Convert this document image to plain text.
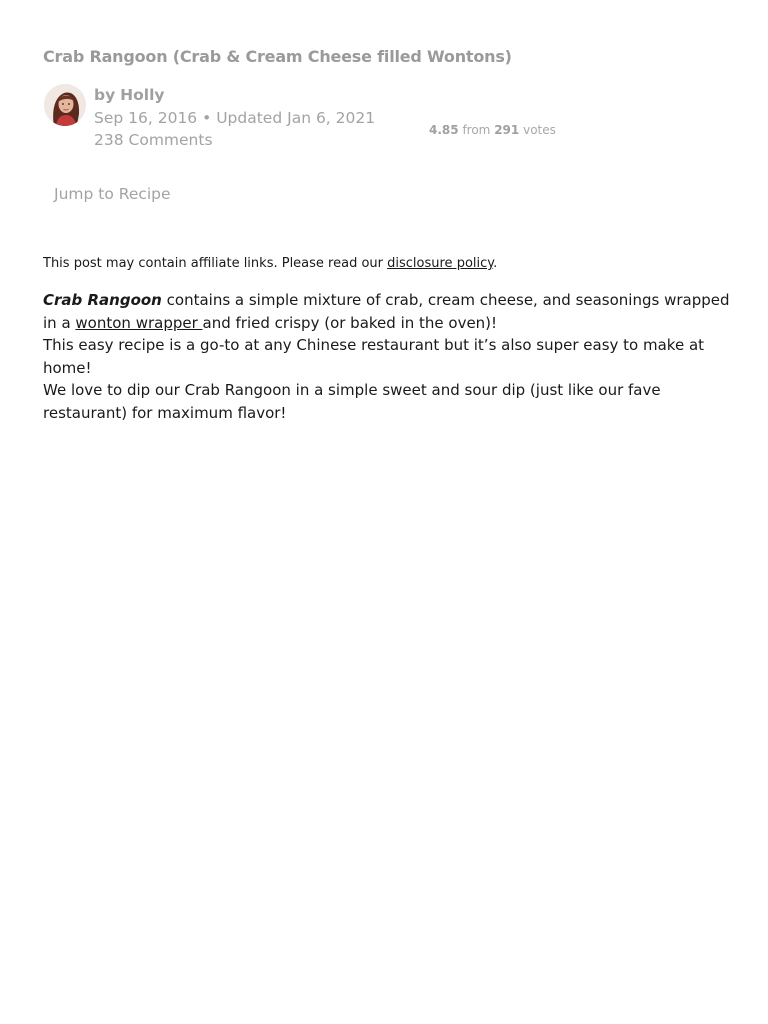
Crab Rangoon (Crab & Cream Cheese filled Wontons)
by Holly
Sep 16, 2016 • Updated Jan 6, 2021
238 Comments
4.85 from 291 votes
Jump to Recipe
This post may contain affiliate links. Please read our disclosure policy.

Crab Rangoon contains a simple mixture of crab, cream cheese, and seasonings wrapped in a wonton wrapper and fried crispy (or baked in the oven)!

This easy recipe is a go-to at any Chinese restaurant but it’s also super easy to make at home!

We love to dip our Crab Rangoon in a simple sweet and sour dip (just like our fave restaurant) for maximum flavor!
